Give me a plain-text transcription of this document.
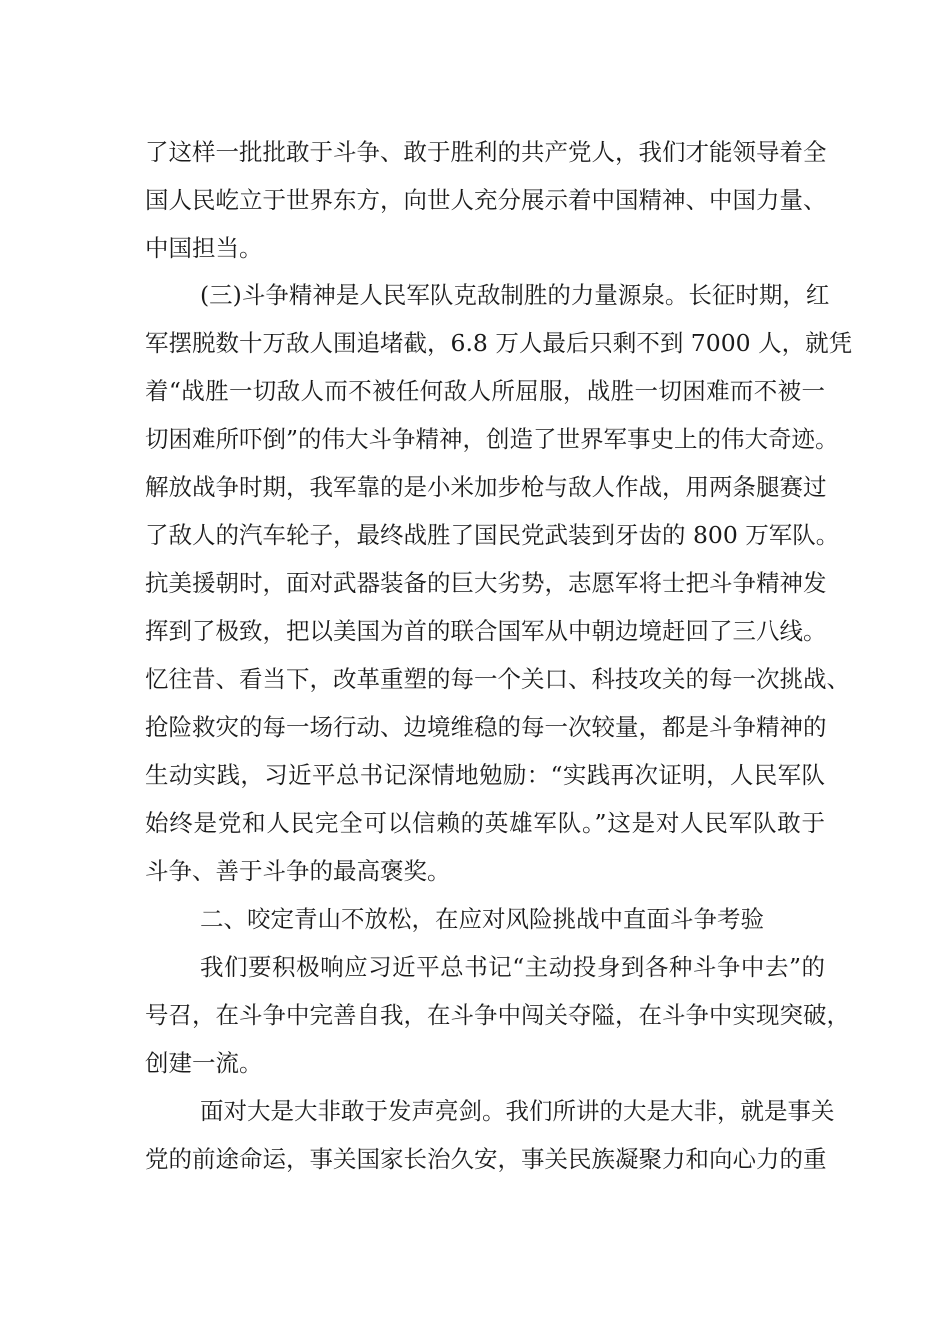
了这样一批批敢于斗争、敢于胜利的共产党人，我们才能领导着全
国人民屹立于世界东方，向世人充分展示着中国精神、中国力量、
中国担当。
(三)斗争精神是人民军队克敌制胜的力量源泉。长征时期，红
军摆脱数十万敌人围追堵截，6.8 万人最后只剩不到 7000 人，就凭
着“战胜一切敌人而不被任何敌人所屈服，战胜一切困难而不被一
切困难所吓倒”的伟大斗争精神，创造了世界军事史上的伟大奇迹。
解放战争时期，我军靠的是小米加步枪与敌人作战，用两条腿赛过
了敌人的汽车轮子，最终战胜了国民党武装到牙齿的 800 万军队。
抗美援朝时，面对武器装备的巨大劣势，志愿军将士把斗争精神发
挥到了极致，把以美国为首的联合国军从中朝边境赶回了三八线。
忆往昔、看当下，改革重塑的每一个关口、科技攻关的每一次挑战、
抢险救灾的每一场行动、边境维稳的每一次较量，都是斗争精神的
生动实践，习近平总书记深情地勉励：“实践再次证明，人民军队
始终是党和人民完全可以信赖的英雄军队。”这是对人民军队敢于
斗争、善于斗争的最高褒奖。
二、咬定青山不放松，在应对风险挑战中直面斗争考验
我们要积极响应习近平总书记“主动投身到各种斗争中去”的
号召，在斗争中完善自我，在斗争中闯关夺隘，在斗争中实现突破，
创建一流。
面对大是大非敢于发声亮剑。我们所讲的大是大非，就是事关
党的前途命运，事关国家长治久安，事关民族凝聚力和向心力的重
